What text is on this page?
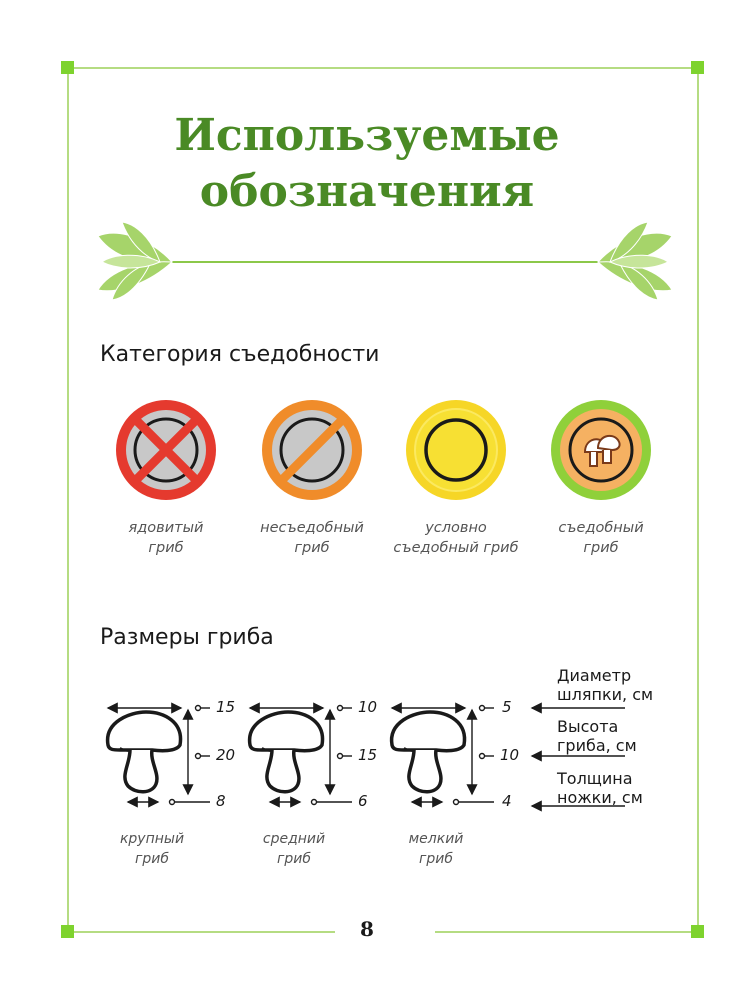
Используемые
обозначения
Категория съедобности
ядовитый
гриб
несъедобный
гриб
условно
съедобный гриб
съедобный
гриб
Размеры гриба
15
20
8
10
15
6
5
10
4
Диаметр
шляпки, см
Высота
гриба, см
Толщина
ножки, см
крупный
гриб
средний
гриб
мелкий
гриб
8
